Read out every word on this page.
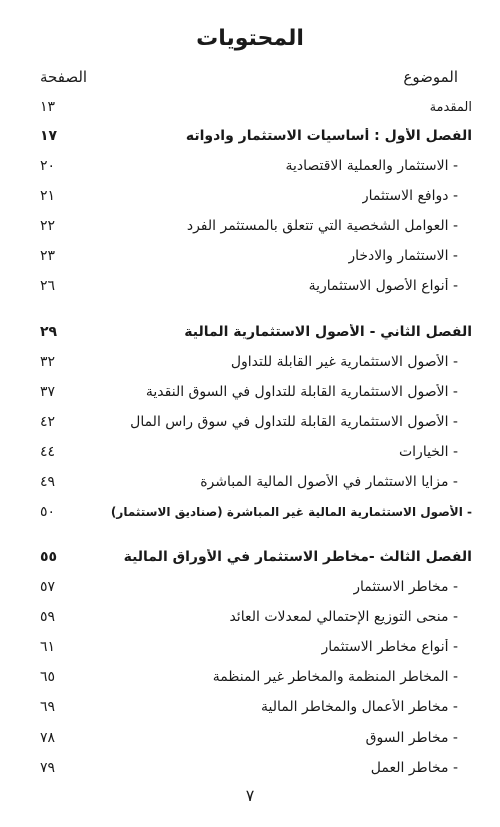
المحتويات
الموضوع
الصفحة
المقدمة
١٣
الفصل الأول : أساسيات الاستثمار وادواته
١٧
- الاستثمار والعملية الاقتصادية
٢٠
- دوافع الاستثمار
٢١
- العوامل الشخصية التي تتعلق بالمستثمر الفرد
٢٢
- الاستثمار والادخار
٢٣
- أنواع الأصول الاستثمارية
٢٦
الفصل الثاني - الأصول الاستثمارية المالية
٢٩
- الأصول الاستثمارية غير القابلة للتداول
٣٢
- الأصول الاستثمارية القابلة للتداول في السوق النقدية
٣٧
- الأصول الاستثمارية القابلة للتداول في سوق راس المال
٤٢
- الخيارات
٤٤
- مزايا الاستثمار في الأصول المالية المباشرة
٤٩
- الأصول الاستثمارية المالية غير المباشرة (صناديق الاستثمار)
٥٠
الفصل الثالث -مخاطر الاستثمار في الأوراق المالية
٥٥
- مخاطر الاستثمار
٥٧
- منحى التوزيع الإحتمالي لمعدلات العائد
٥٩
- أنواع مخاطر الاستثمار
٦١
- المخاطر المنظمة والمخاطر غير المنظمة
٦٥
- مخاطر الأعمال والمخاطر المالية
٦٩
- مخاطر السوق
٧٨
- مخاطر العمل
٧٩
٧
